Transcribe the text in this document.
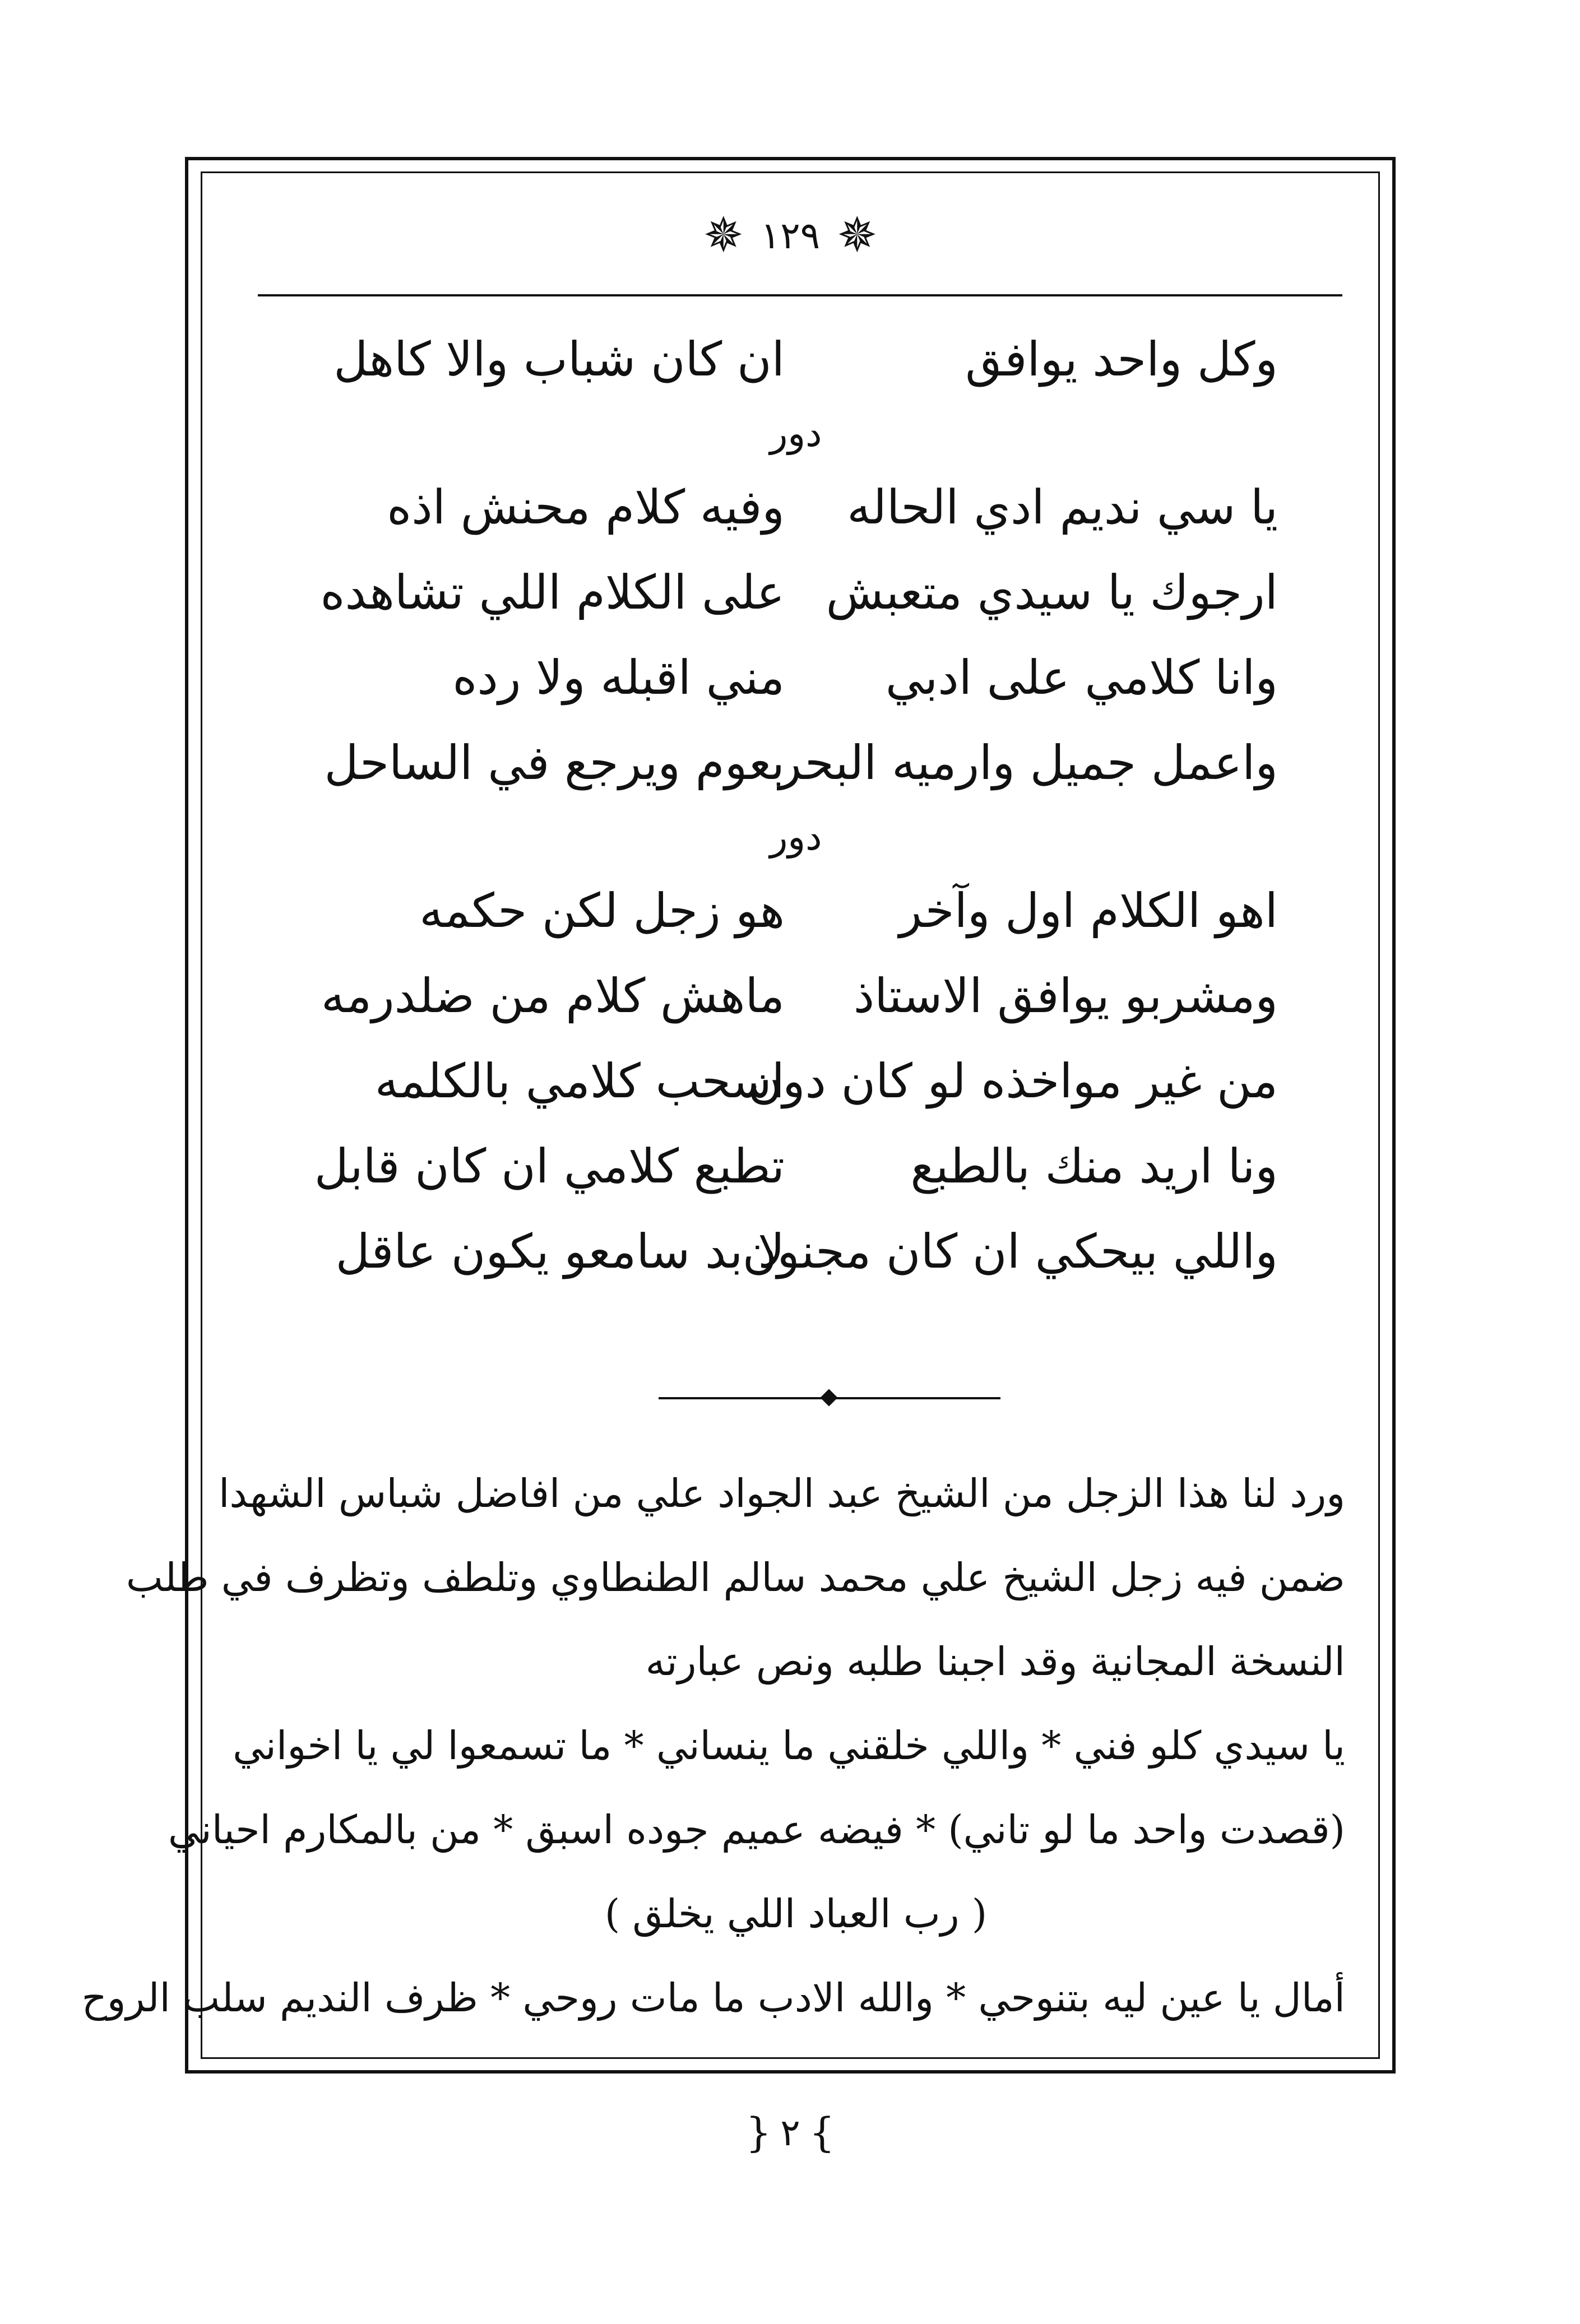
✵
١٢٩
✵
وكل واحد يوافق
ان كان شباب والا كاهل
دور
يا سي نديم ادي الحاله
وفيه كلام محنش اذه
ارجوك يا سيدي متعبش
على الكلام اللي تشاهده
وانا كلامي على ادبي
مني اقبله ولا رده
واعمل جميل وارميه البحر
بعوم ويرجع في الساحل
دور
اهو الكلام اول وآخر
هو زجل لكن حكمه
ومشربو يوافق الاستاذ
ماهش كلام من ضلدرمه
من غير مواخذه لو كان دون
اسحب كلامي بالكلمه
ونا اريد منك بالطبع
تطبع كلامي ان كان قابل
واللي بيحكي ان كان مجنون
لا بد سامعو يكون عاقل
ورد لنا هذا الزجل من الشيخ عبد الجواد علي من افاضل شباس الشهدا
ضمن فيه زجل الشيخ علي محمد سالم الطنطاوي وتلطف وتظرف في طلب
النسخة المجانية وقد اجبنا طلبه ونص عبارته
يا سيدي كلو فني * واللي خلقني ما ينساني * ما تسمعوا لي يا اخواني
(قصدت واحد ما لو تاني) * فيضه عميم جوده اسبق * من بالمكارم احياني
( رب العباد اللي يخلق )
أمال يا عين ليه بتنوحي * والله الادب ما مات روحي * ظرف النديم سلب الروح
}
٢
{
